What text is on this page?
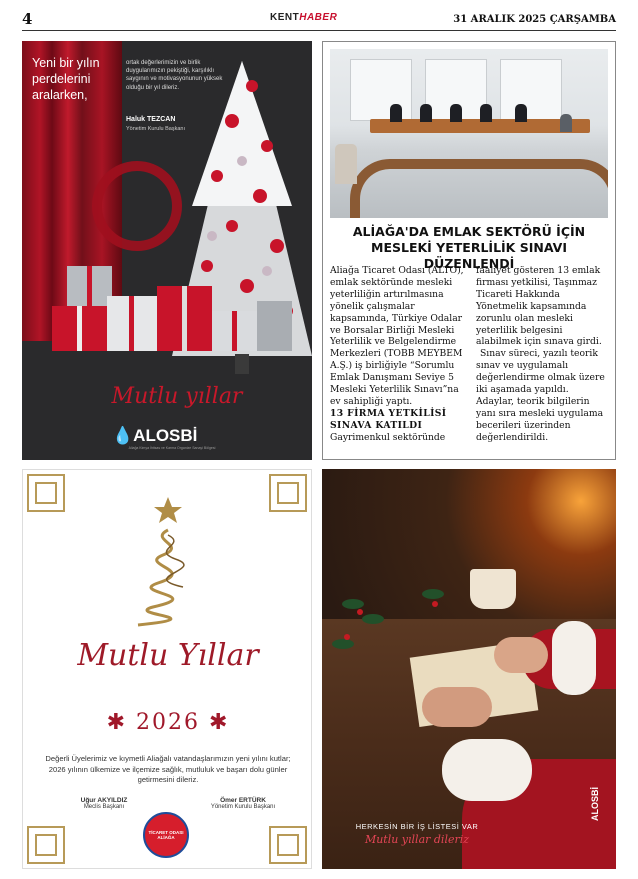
4	KENTHABER	31 ARALIK 2025 ÇARŞAMBA
Yeni bir yılın perdelerini aralarken,
ortak değerlerimizin ve birlik duygularımızın pekiştiği, karşılıklı saygının ve motivasyonunun yüksek olduğu bir yıl dileriz.
Haluk TEZCAN
Yönetim Kurulu Başkanı
Mutlu yıllar
💧ALOSBİ
Aliağa Kimya İhtisas ve Karma Organize Sanayi Bölgesi
ALİAĞA'DA EMLAK SEKTÖRÜ İÇİN MESLEKİ YETERLİLİK SINAVI DÜZENLENDİ
Aliağa Ticaret Odası (ALTO), emlak sektöründe mesleki yeterliliğin artırılmasına yönelik çalışmalar kapsamında, Türkiye Odalar ve Borsalar Birliği Mesleki Yeterlilik ve Belgelendirme Merkezleri (TOBB MEYBEM A.Ş.) iş birliğiyle “Sorumlu Emlak Danışmanı Seviye 5 Mesleki Yeterlilik Sınavı”na ev sahipliği yaptı.
13 FİRMA YETKİLİSİ SINAVA KATILDI
Gayrimenkul sektöründe
faaliyet gösteren 13 emlak firması yetkilisi, Taşınmaz Ticareti Hakkında Yönetmelik kapsamında zorunlu olan mesleki yeterlilik belgesini alabilmek için sınava girdi.
Sınav süreci, yazılı teorik sınav ve uygulamalı değerlendirme olmak üzere iki aşamada yapıldı.
Adaylar, teorik bilgilerin yanı sıra mesleki uygulama becerileri üzerinden değerlendirildi.
Mutlu Yıllar
✱ 2026 ✱
Değerli Üyelerimiz ve kıymetli Aliağalı vatandaşlarımızın yeni yılını kutlar; 2026 yılının ülkemize ve ilçemize sağlık, mutluluk ve başarı dolu günler getirmesini dileriz.
Uğur AKYILDIZ
Meclis Başkanı
Ömer ERTÜRK
Yönetim Kurulu Başkanı
TİCARET ODASI ALİAĞA
HERKESİN BİR İŞ LİSTESİ VAR
Mutlu yıllar dileriz
ALOSBİ
